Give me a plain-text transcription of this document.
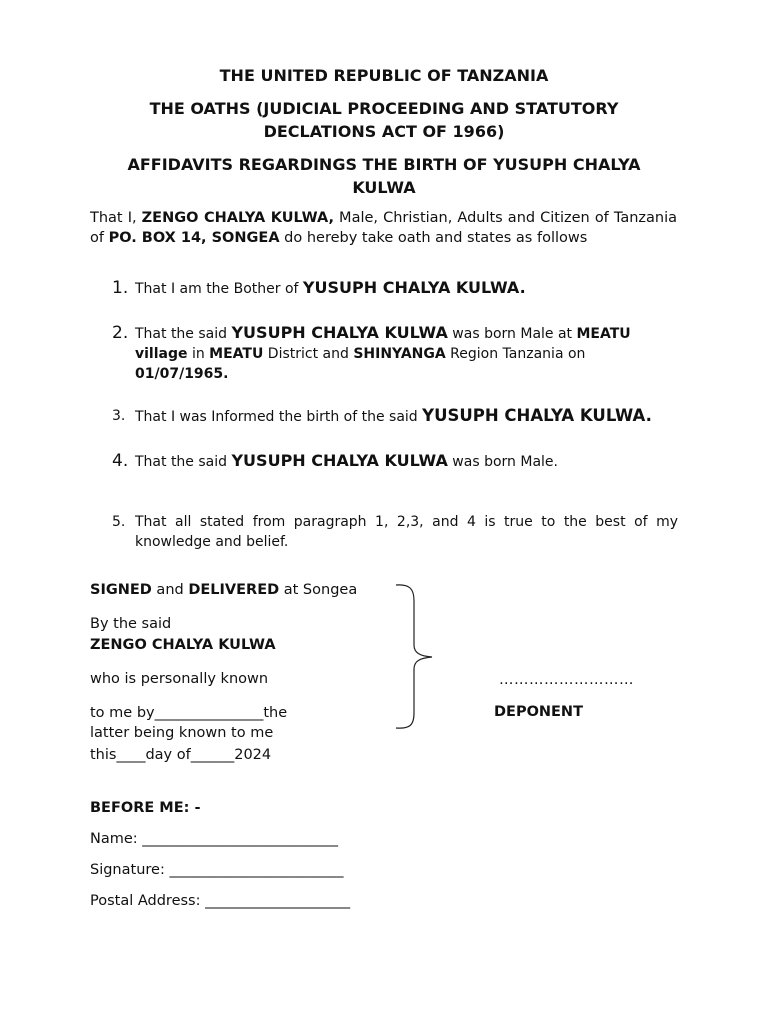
THE UNITED REPUBLIC OF TANZANIA
THE OATHS (JUDICIAL PROCEEDING AND STATUTORY DECLATIONS ACT OF 1966)
AFFIDAVITS REGARDINGS THE BIRTH OF YUSUPH CHALYA KULWA
That I, ZENGO CHALYA KULWA, Male, Christian, Adults and Citizen of Tanzania of PO. BOX 14, SONGEA do hereby take oath and states as follows
1. That I am the Bother of YUSUPH CHALYA KULWA.
2. That the said YUSUPH CHALYA KULWA was born Male at MEATU village in MEATU District and SHINYANGA Region Tanzania on 01/07/1965.
3. That I was Informed the birth of the said YUSUPH CHALYA KULWA.
4. That the said YUSUPH CHALYA KULWA was born Male.
5. That all stated from paragraph 1, 2,3, and 4 is true to the best of my knowledge and belief.
SIGNED and DELIVERED at Songea
By the said
ZENGO CHALYA KULWA
who is personally known
to me by_______________the
latter being known to me
this____day of______2024
………………………
DEPONENT
BEFORE ME: -
Name: ___________________________
Signature: ________________________
Postal Address: ____________________
